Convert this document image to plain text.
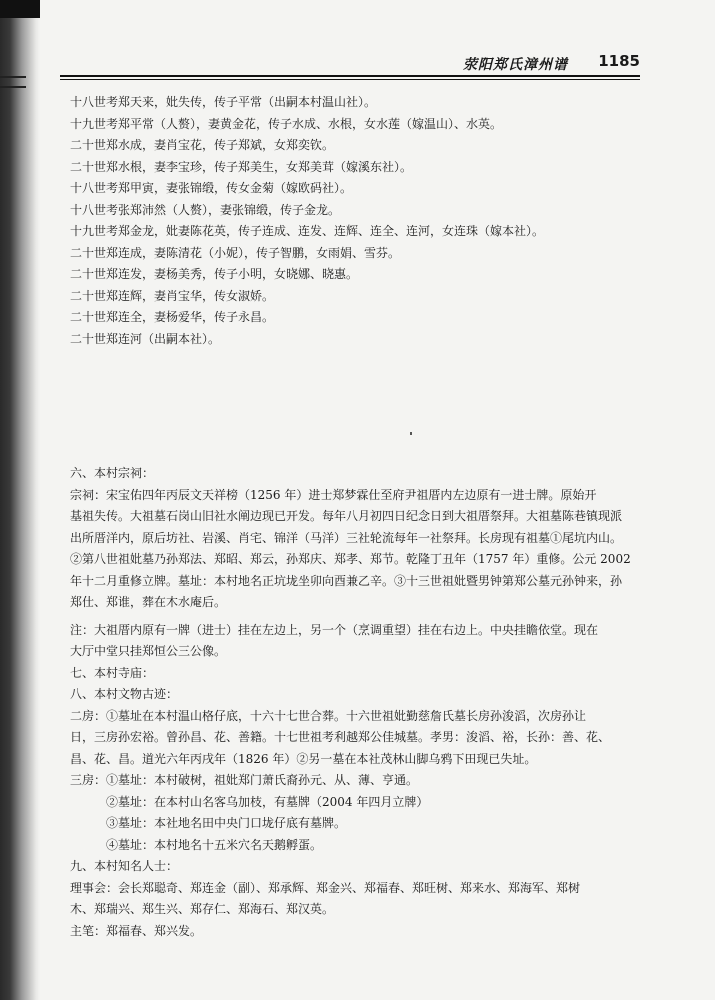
荥阳郑氏漳州谱 1185
十八世考郑天来，妣失传，传子平常（出嗣本村温山社）。
十九世考郑平常（人赘），妻黄金花，传子水成、水根，女水莲（嫁温山）、水英。
二十世郑水成，妻肖宝花，传子郑斌，女郑奕钦。
二十世郑水根，妻李宝珍，传子郑美生，女郑美茸（嫁溪东社）。
十八世考郑甲寅，妻张锦缎，传女金菊（嫁欧码社）。
十八世考张郑沛然（人赘），妻张锦缎，传子金龙。
十九世考郑金龙，妣妻陈花英，传子连成、连发、连辉、连全、连河，女连珠（嫁本社）。
二十世郑连成，妻陈清花（小妮），传子智鹏，女雨娟、雪芬。
二十世郑连发，妻杨美秀，传子小明，女晓娜、晓惠。
二十世郑连辉，妻肖宝华，传女淑娇。
二十世郑连全，妻杨爱华，传子永昌。
二十世郑连河（出嗣本社）。
六、本村宗祠：
宗祠：宋宝佑四年丙辰文天祥榜（1256 年）进士郑梦霖仕至府尹祖厝内左边原有一进士牌。原始开
基祖失传。大祖墓石岗山旧社水阐边现已开发。每年八月初四日纪念日到大祖厝祭拜。大祖墓陈巷镇现派
出所厝洋内，原后坊社、岩溪、肖宅、锦洋（马洋）三社轮流每年一社祭拜。长房现有祖墓①尾坑内山。
②第八世祖妣墓乃孙郑法、郑昭、郑云，孙郑庆、郑孝、郑节。乾隆丁丑年（1757 年）重修。公元 2002
年十二月重修立牌。墓址：本村地名正坑垅坐卯向酉兼乙辛。③十三世祖妣暨男钟第郑公墓元孙钟来，孙
郑仕、郑谁，葬在木水庵后。
注：大祖厝内原有一牌（进士）挂在左边上，另一个（烹调重望）挂在右边上。中央挂瞻依堂。现在
大厅中堂只挂郑恒公三公像。
七、本村寺庙：
八、本村文物古迹：
二房：①墓址在本村温山格仔底，十六十七世合葬。十六世祖妣勤慈詹氏墓长房孙浚滔，次房孙让
日，三房孙宏裕。曾孙昌、花、善籍。十七世祖考利越郑公佳城墓。孝男：浚滔、裕，长孙：善、花、
昌、花、昌。道光六年丙戌年（1826 年）②另一墓在本社茂林山脚乌鸦下田现已失址。
三房：①墓址：本村破树，祖妣郑门萧氏裔孙元、从、薄、亨通。
②墓址：在本村山名客乌加枝，有墓牌（2004 年四月立牌）
③墓址：本社地名田中央门口垅仔底有墓牌。
④墓址：本村地名十五米穴名天鹅孵蛋。
九、本村知名人士：
理事会：会长郑聪奇、郑连金（副）、郑承辉、郑金兴、郑福春、郑旺树、郑来水、郑海军、郑树
木、郑瑞兴、郑生兴、郑存仁、郑海石、郑汉英。
主笔：郑福春、郑兴发。
